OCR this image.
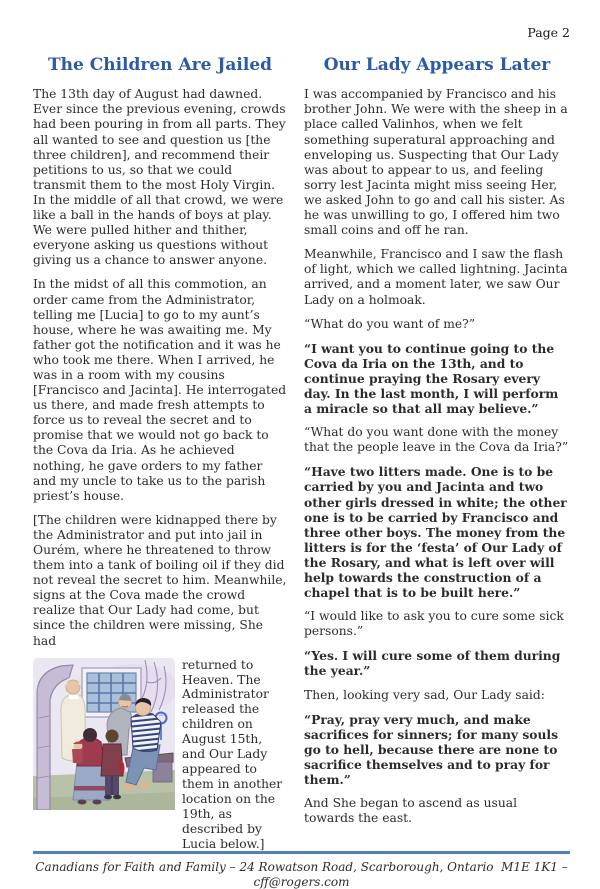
Page 2
The Children Are Jailed

The 13th day of August had dawned. Ever since the previous evening, crowds had been pouring in from all parts. They all wanted to see and question us [the three children], and recommend their petitions to us, so that we could transmit them to the most Holy Virgin. In the middle of all that crowd, we were like a ball in the hands of boys at play. We were pulled hither and thither, everyone asking us questions without giving us a chance to answer anyone.

In the midst of all this commotion, an order came from the Administrator, telling me [Lucia] to go to my aunt’s house, where he was awaiting me. My father got the notification and it was he who took me there. When I arrived, he was in a room with my cousins [Francisco and Jacinta]. He interrogated us there, and made fresh attempts to force us to reveal the secret and to promise that we would not go back to the Cova da Iria. As he achieved nothing, he gave orders to my father and my uncle to take us to the parish priest’s house.

[The children were kidnapped there by the Administrator and put into jail in Ourém, where he threatened to throw them into a tank of boiling oil if they did not reveal the secret to him. Meanwhile, signs at the Cova made the crowd realize that Our Lady had come, but since the children were missing, She had

returned to Heaven. The Administrator released the children on August 15th, and Our Lady appeared to them in another location on the 19th, as described by Lucia below.]

Our Lady Appears Later

I was accompanied by Francisco and his brother John. We were with the sheep in a place called Valinhos, when we felt something superatural approaching and enveloping us. Suspecting that Our Lady was about to appear to us, and feeling sorry lest Jacinta might miss seeing Her, we asked John to go and call his sister. As he was unwilling to go, I offered him two small coins and off he ran.

Meanwhile, Francisco and I saw the flash of light, which we called lightning. Jacinta arrived, and a moment later, we saw Our Lady on a holmoak.

“What do you want of me?”

“I want you to continue going to the Cova da Iria on the 13th, and to continue praying the Rosary every day. In the last month, I will perform a miracle so that all may believe.”

“What do you want done with the money that the people leave in the Cova da Iria?”

“Have two litters made. One is to be carried by you and Jacinta and two other girls dressed in white; the other one is to be carried by Francisco and three other boys. The money from the litters is for the ‘festa’ of Our Lady of the Rosary, and what is left over will help towards the construction of a chapel that is to be built here.”

“I would like to ask you to cure some sick persons.”

“Yes. I will cure some of them during the year.”

Then, looking very sad, Our Lady said:

“Pray, pray very much, and make sacrifices for sinners; for many souls go to hell, because there are none to sacrifice themselves and to pray for them.”

And She began to ascend as usual towards the east.

Canadians for Faith and Family – 24 Rowatson Road, Scarborough, Ontario  M1E 1K1 – cff@rogers.com
